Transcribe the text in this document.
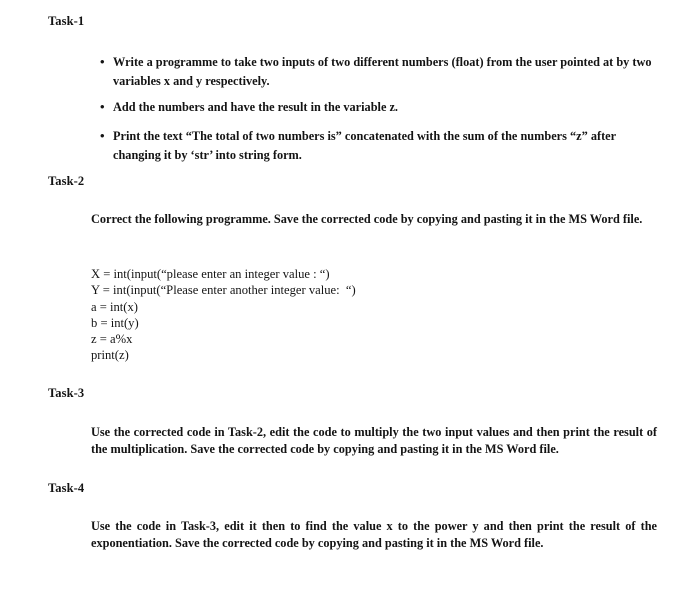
Task-1
• Write a programme to take two inputs of two different numbers (float) from the user pointed at by two variables x and y respectively.
• Add the numbers and have the result in the variable z.
• Print the text “The total of two numbers is” concatenated with the sum of the numbers “z” after changing it by ‘str’ into string form.
Task-2
Correct the following programme. Save the corrected code by copying and pasting it in the MS Word file.
X = int(input(“please enter an integer value : “)
Y = int(input(“Please enter another integer value:  “)
a = int(x)
b = int(y)
z = a%x
print(z)
Task-3
Use the corrected code in Task-2, edit the code to multiply the two input values and then print the result of the multiplication. Save the corrected code by copying and pasting it in the MS Word file.
Task-4
Use the code in Task-3, edit it then to find the value x to the power y and then print the result of the exponentiation. Save the corrected code by copying and pasting it in the MS Word file.
